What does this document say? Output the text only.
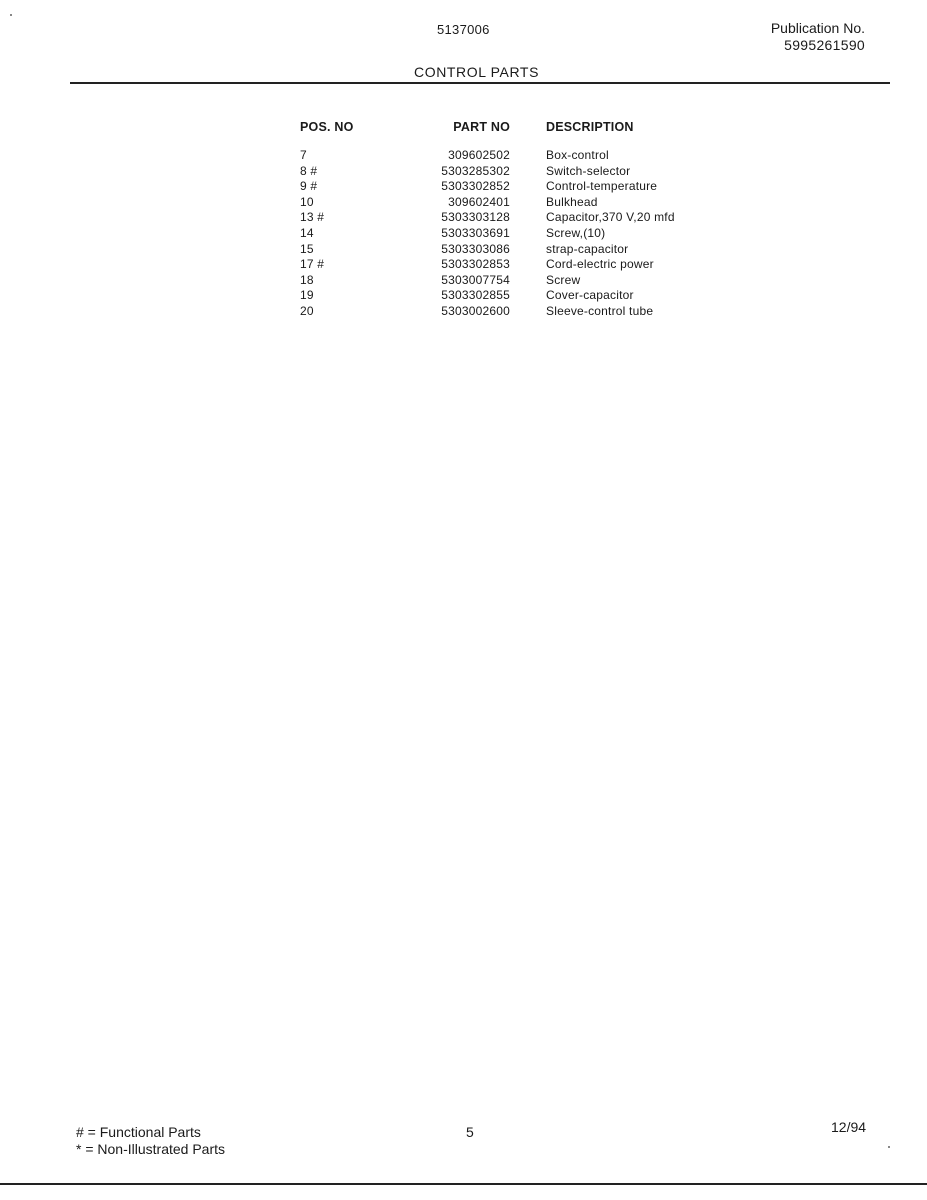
5137006	Publication No.
5995261590
CONTROL PARTS
POS. NO	PART NO	DESCRIPTION
7	309602502	Box-control
8 #	5303285302	Switch-selector
9 #	5303302852	Control-temperature
10	309602401	Bulkhead
13 #	5303303128	Capacitor,370 V,20 mfd
14	5303303691	Screw,(10)
15	5303303086	strap-capacitor
17 #	5303302853	Cord-electric power
18	5303007754	Screw
19	5303302855	Cover-capacitor
20	5303002600	Sleeve-control tube
# = Functional Parts
* = Non-Illustrated Parts
5	12/94
